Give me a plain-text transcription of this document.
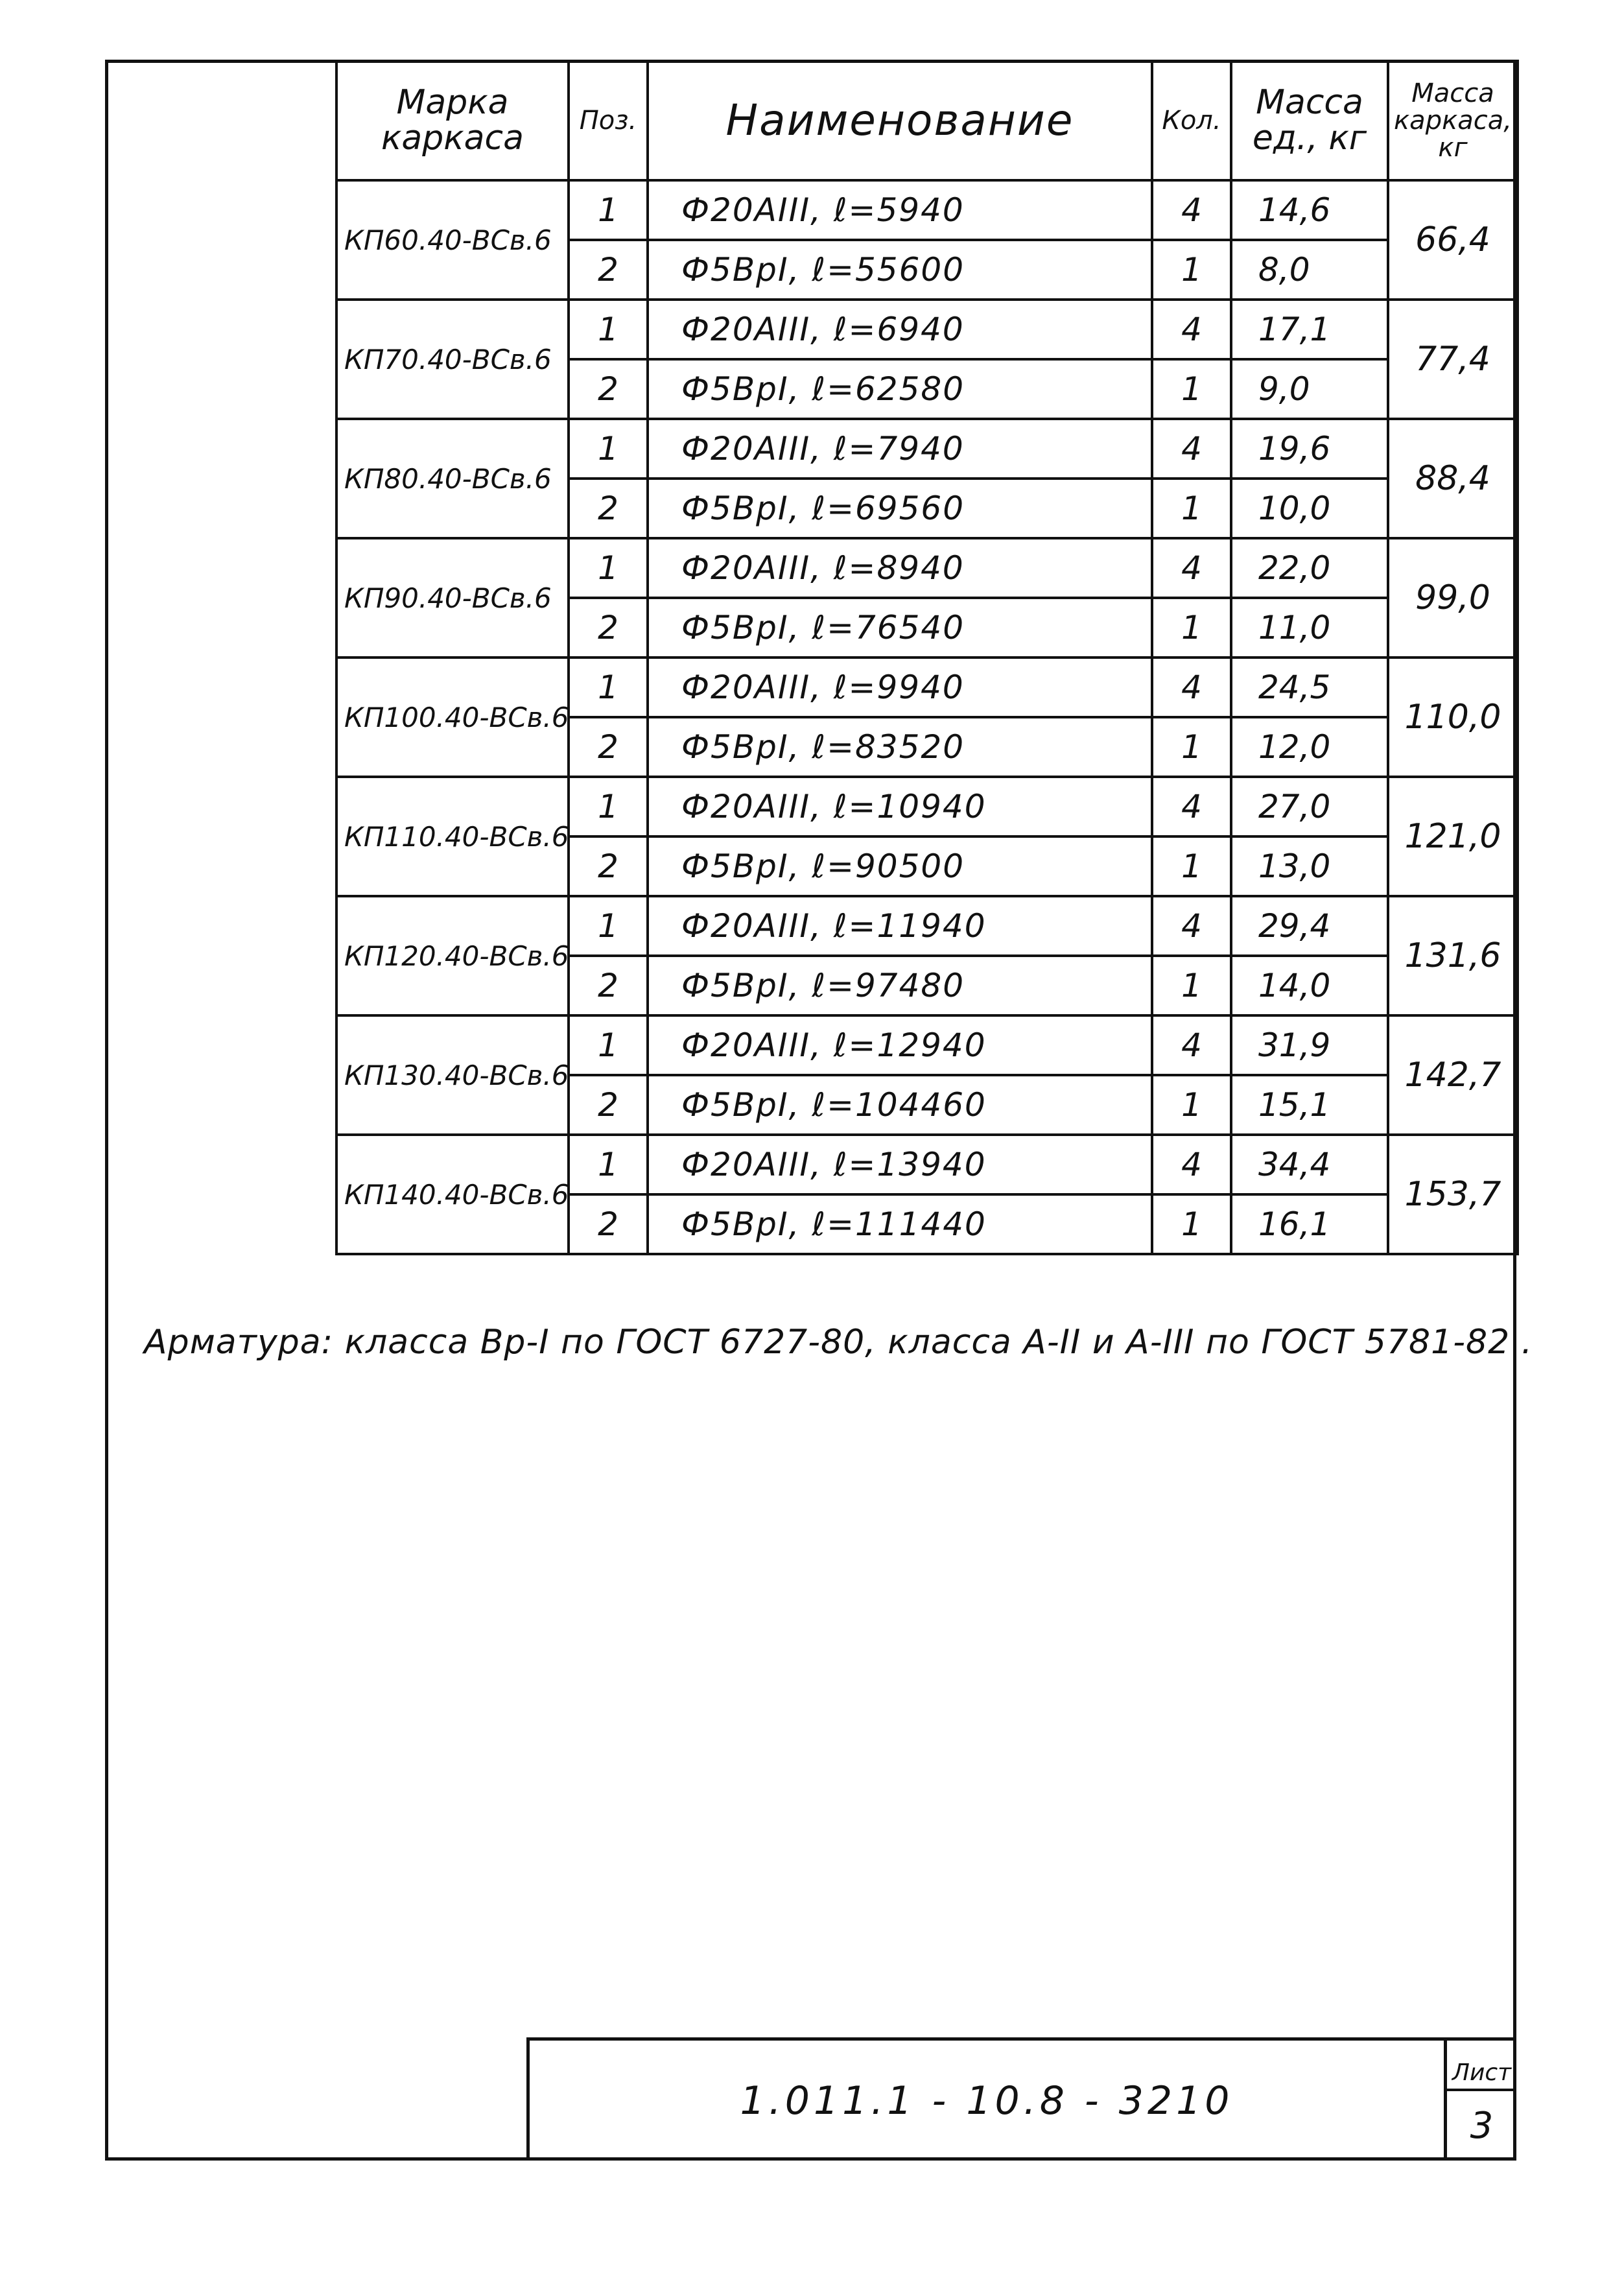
Марка каркаса	Поз.	Наименование	Кол.	Масса ед., кг	Масса каркаса, кг
КП60.40-ВСв.6	1	Ф20АIII, ℓ=5940	4	14,6	66,4
	2	Ф5ВрI, ℓ=55600	1	8,0	
КП70.40-ВСв.6	1	Ф20АIII, ℓ=6940	4	17,1	77,4
	2	Ф5ВрI, ℓ=62580	1	9,0	
КП80.40-ВСв.6	1	Ф20АIII, ℓ=7940	4	19,6	88,4
	2	Ф5ВрI, ℓ=69560	1	10,0	
КП90.40-ВСв.6	1	Ф20АIII, ℓ=8940	4	22,0	99,0
	2	Ф5ВрI, ℓ=76540	1	11,0	
КП100.40-ВСв.6	1	Ф20АIII, ℓ=9940	4	24,5	110,0
	2	Ф5ВрI, ℓ=83520	1	12,0	
КП110.40-ВСв.6	1	Ф20АIII, ℓ=10940	4	27,0	121,0
	2	Ф5ВрI, ℓ=90500	1	13,0	
КП120.40-ВСв.6	1	Ф20АIII, ℓ=11940	4	29,4	131,6
	2	Ф5ВрI, ℓ=97480	1	14,0	
КП130.40-ВСв.6	1	Ф20АIII, ℓ=12940	4	31,9	142,7
	2	Ф5ВрI, ℓ=104460	1	15,1	
КП140.40-ВСв.6	1	Ф20АIII, ℓ=13940	4	34,4	153,7
	2	Ф5ВрI, ℓ=111440	1	16,1	
Арматура: класса Вр-I по ГОСТ 6727-80, класса А-II и А-III по ГОСТ 5781-82 .
1.011.1 - 10.8 - 3210
Лист
3
